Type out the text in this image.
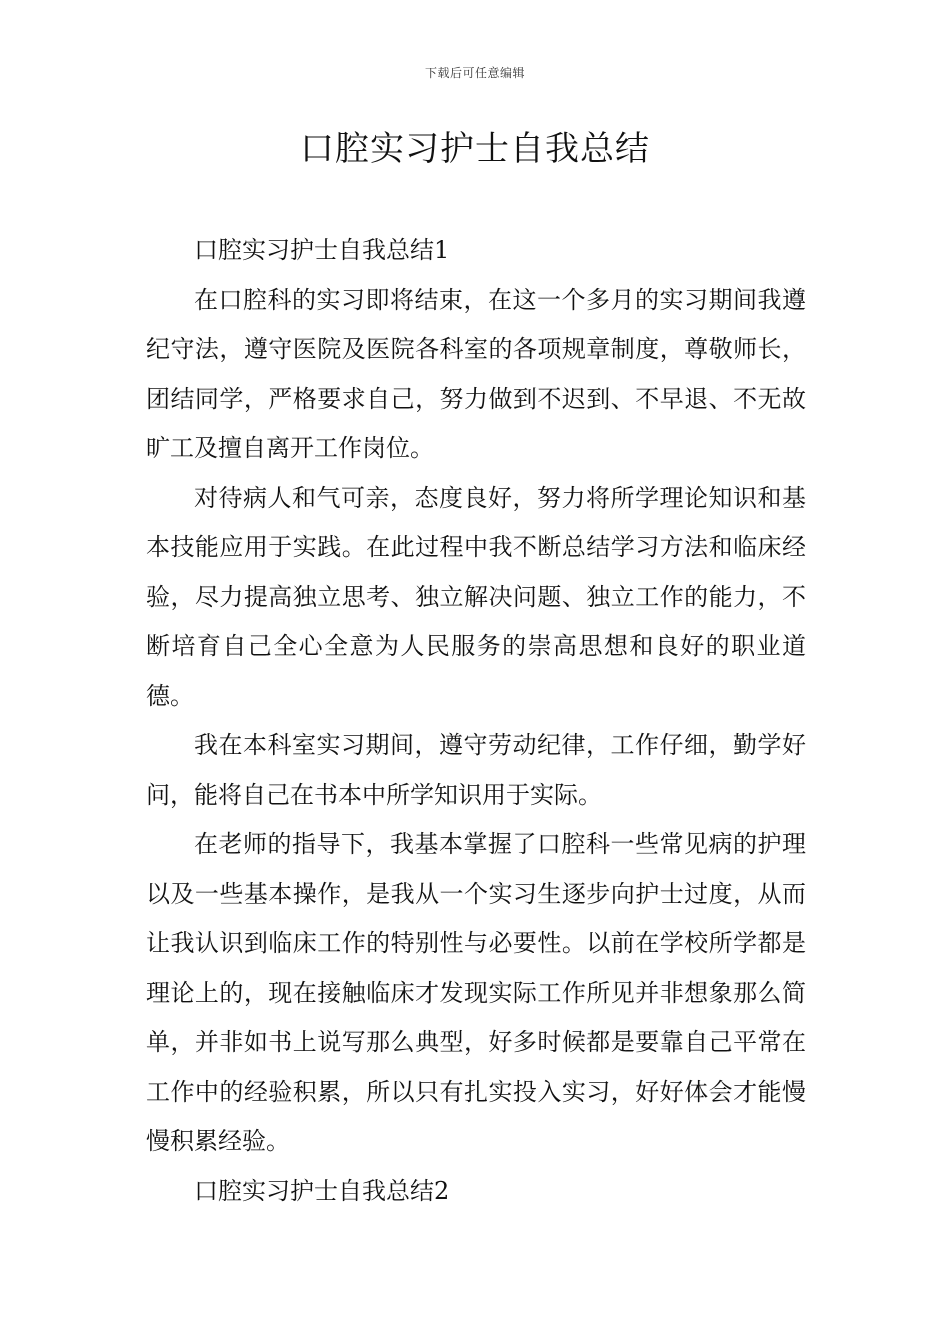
下载后可任意编辑
口腔实习护士自我总结

口腔实习护士自我总结1

在口腔科的实习即将结束，在这一个多月的实习期间我遵纪守法，遵守医院及医院各科室的各项规章制度，尊敬师长，团结同学，严格要求自己，努力做到不迟到、不早退、不无故旷工及擅自离开工作岗位。

对待病人和气可亲，态度良好，努力将所学理论知识和基本技能应用于实践。在此过程中我不断总结学习方法和临床经验，尽力提高独立思考、独立解决问题、独立工作的能力，不断培育自己全心全意为人民服务的崇高思想和良好的职业道德。

我在本科室实习期间，遵守劳动纪律，工作仔细，勤学好问，能将自己在书本中所学知识用于实际。

在老师的指导下，我基本掌握了口腔科一些常见病的护理以及一些基本操作，是我从一个实习生逐步向护士过度，从而让我认识到临床工作的特别性与必要性。以前在学校所学都是理论上的，现在接触临床才发现实际工作所见并非想象那么简单，并非如书上说写那么典型，好多时候都是要靠自己平常在工作中的经验积累，所以只有扎实投入实习，好好体会才能慢慢积累经验。

口腔实习护士自我总结2
